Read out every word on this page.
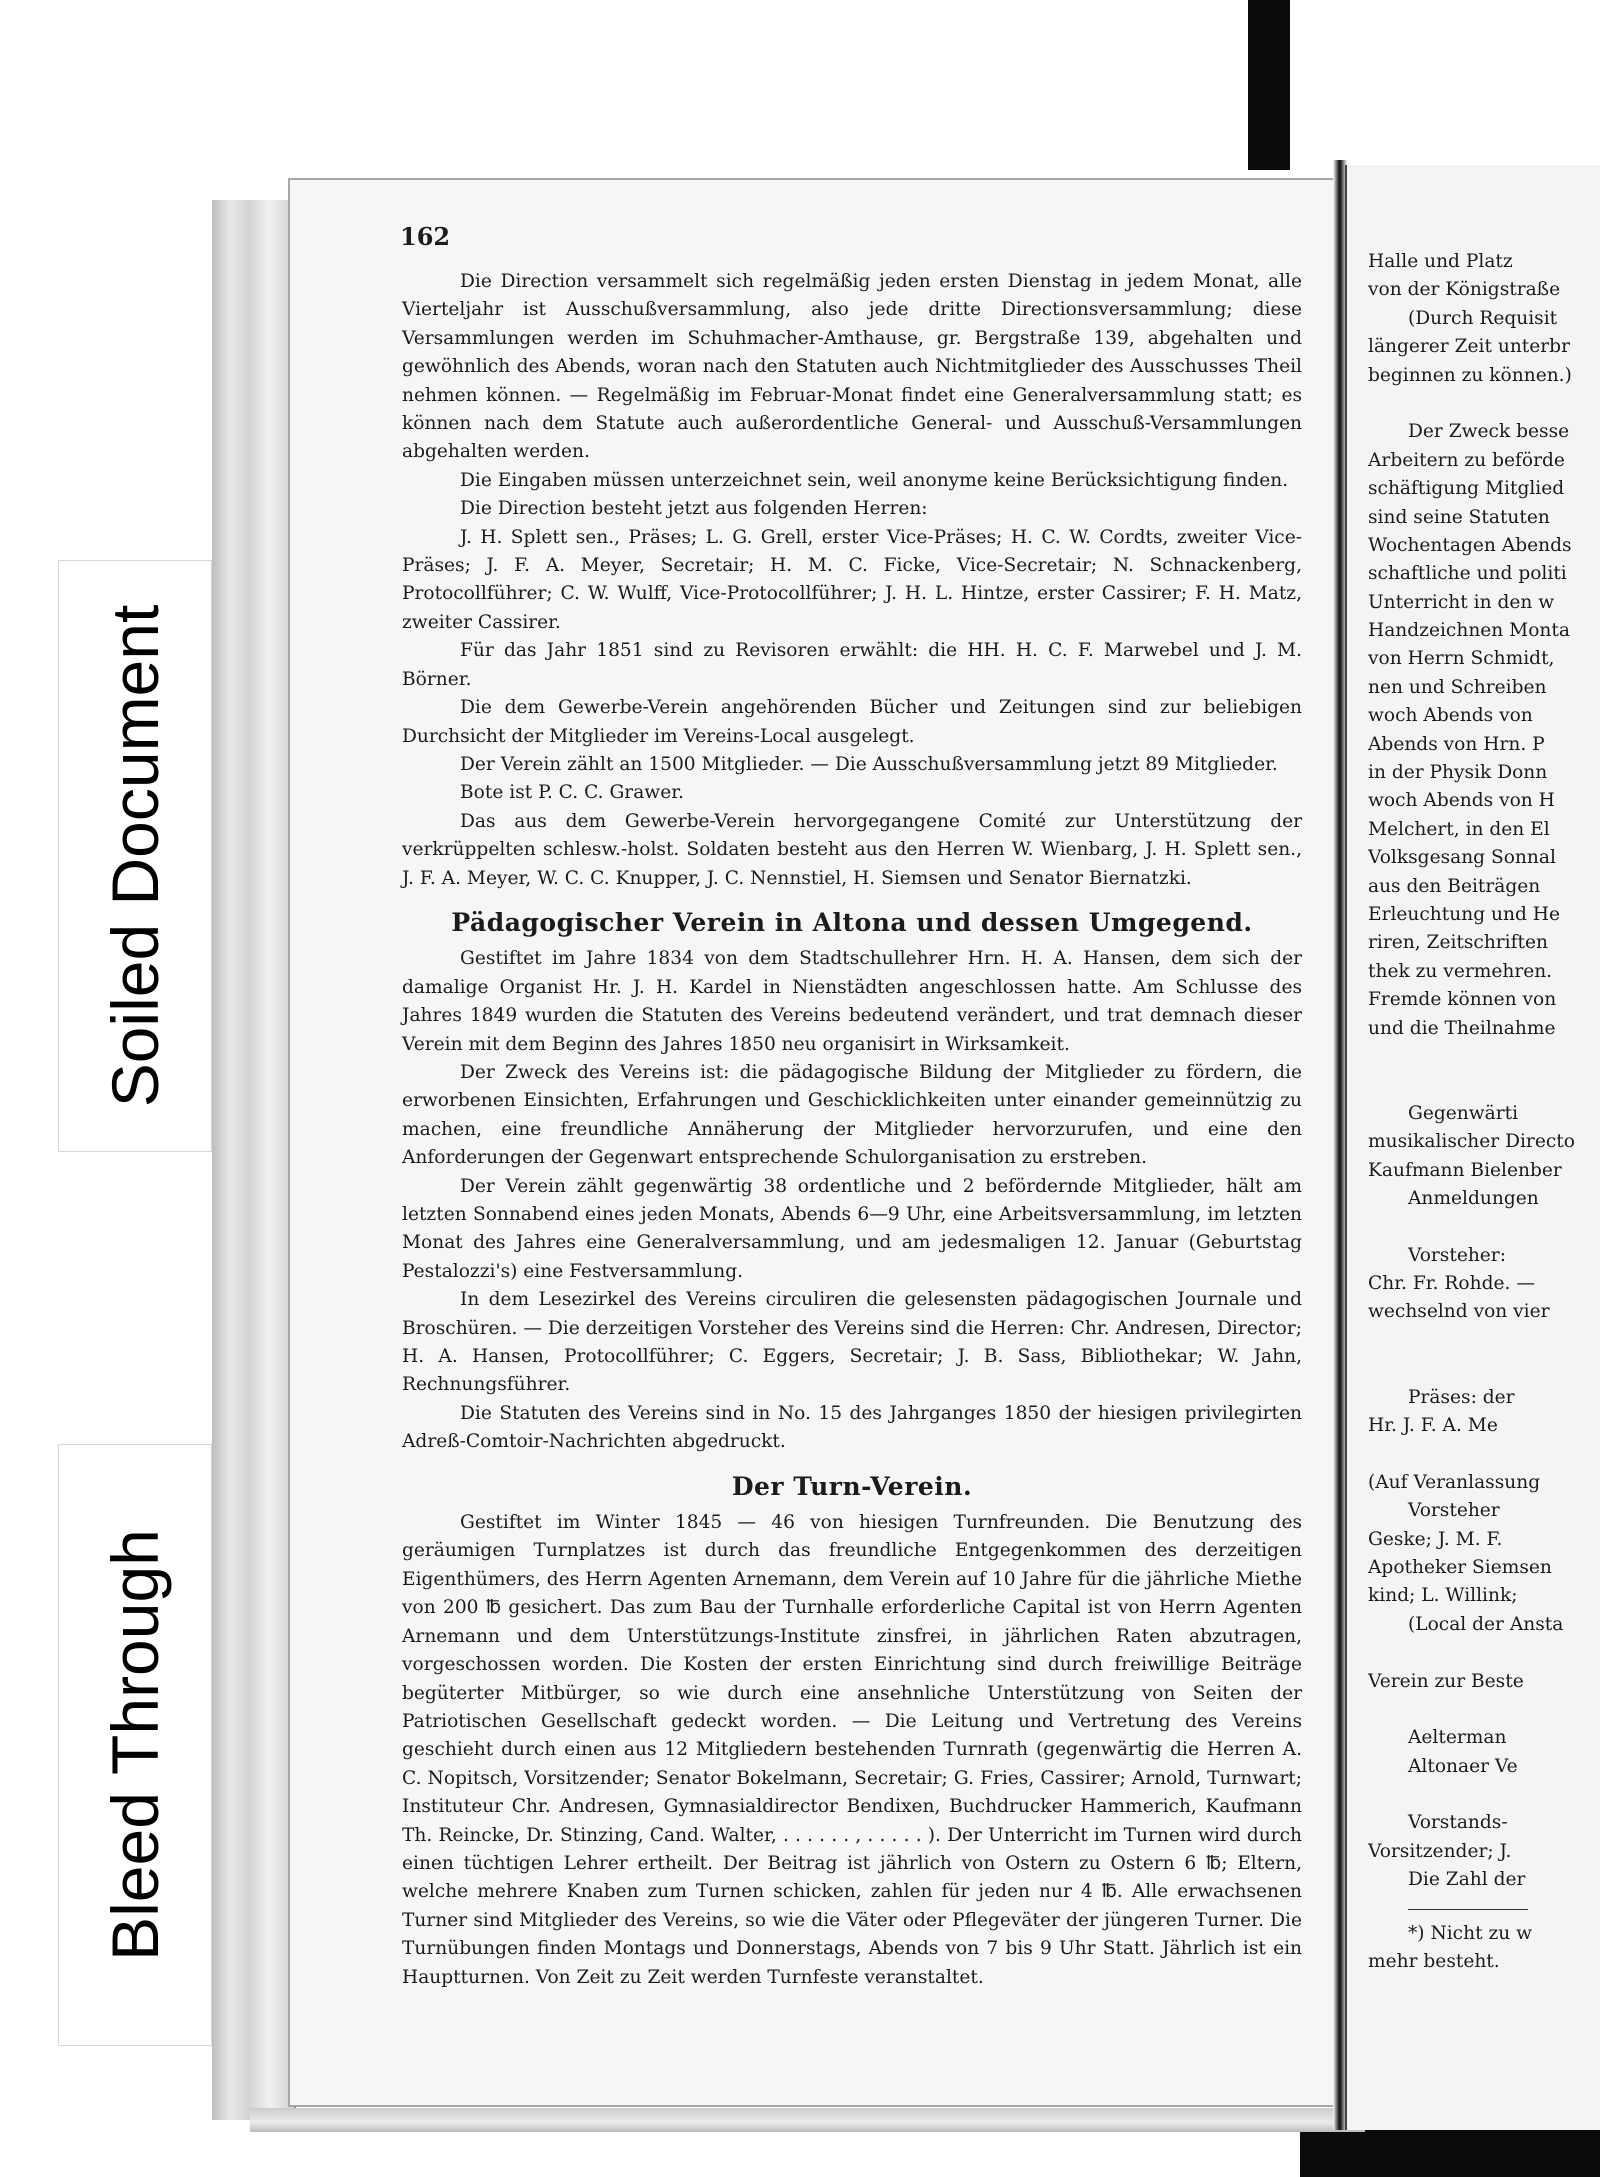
Soiled Document
Bleed Through
162

Die Direction versammelt sich regelmäßig jeden ersten Dienstag in jedem Monat, alle Vierteljahr ist Ausschußversammlung, also jede dritte Directionsversammlung; diese Versammlungen werden im Schuhmacher-Amthause, gr. Bergstraße 139, abgehalten und gewöhnlich des Abends, woran nach den Statuten auch Nichtmitglieder des Ausschusses Theil nehmen können. — Regelmäßig im Februar-Monat findet eine Generalversammlung statt; es können nach dem Statute auch außerordentliche General- und Ausschuß-Versammlungen abgehalten werden.

Die Eingaben müssen unterzeichnet sein, weil anonyme keine Berücksichtigung finden.

Die Direction besteht jetzt aus folgenden Herren:

J. H. Splett sen., Präses; L. G. Grell, erster Vice-Präses; H. C. W. Cordts, zweiter Vice-Präses; J. F. A. Meyer, Secretair; H. M. C. Ficke, Vice-Secretair; N. Schnackenberg, Protocollführer; C. W. Wulff, Vice-Protocollführer; J. H. L. Hintze, erster Cassirer; F. H. Matz, zweiter Cassirer.

Für das Jahr 1851 sind zu Revisoren erwählt: die HH. H. C. F. Marwebel und J. M. Börner.

Die dem Gewerbe-Verein angehörenden Bücher und Zeitungen sind zur beliebigen Durchsicht der Mitglieder im Vereins-Local ausgelegt.

Der Verein zählt an 1500 Mitglieder. — Die Ausschußversammlung jetzt 89 Mitglieder.

Bote ist P. C. C. Grawer.

Das aus dem Gewerbe-Verein hervorgegangene Comité zur Unterstützung der verkrüppelten schlesw.-holst. Soldaten besteht aus den Herren W. Wienbarg, J. H. Splett sen., J. F. A. Meyer, W. C. C. Knupper, J. C. Nennstiel, H. Siemsen und Senator Biernatzki.

Pädagogischer Verein in Altona und dessen Umgegend.

Gestiftet im Jahre 1834 von dem Stadtschullehrer Hrn. H. A. Hansen, dem sich der damalige Organist Hr. J. H. Kardel in Nienstädten angeschlossen hatte. Am Schlusse des Jahres 1849 wurden die Statuten des Vereins bedeutend verändert, und trat demnach dieser Verein mit dem Beginn des Jahres 1850 neu organisirt in Wirksamkeit.

Der Zweck des Vereins ist: die pädagogische Bildung der Mitglieder zu fördern, die erworbenen Einsichten, Erfahrungen und Geschicklichkeiten unter einander gemeinnützig zu machen, eine freundliche Annäherung der Mitglieder hervorzurufen, und eine den Anforderungen der Gegenwart entsprechende Schulorganisation zu erstreben.

Der Verein zählt gegenwärtig 38 ordentliche und 2 befördernde Mitglieder, hält am letzten Sonnabend eines jeden Monats, Abends 6—9 Uhr, eine Arbeitsversammlung, im letzten Monat des Jahres eine Generalversammlung, und am jedesmaligen 12. Januar (Geburtstag Pestalozzi's) eine Festversammlung.

In dem Lesezirkel des Vereins circuliren die gelesensten pädagogischen Journale und Broschüren. — Die derzeitigen Vorsteher des Vereins sind die Herren: Chr. Andresen, Director; H. A. Hansen, Protocollführer; C. Eggers, Secretair; J. B. Sass, Bibliothekar; W. Jahn, Rechnungsführer.

Die Statuten des Vereins sind in No. 15 des Jahrganges 1850 der hiesigen privilegirten Adreß-Comtoir-Nachrichten abgedruckt.

Der Turn-Verein.

Gestiftet im Winter 1845 — 46 von hiesigen Turnfreunden. Die Benutzung des geräumigen Turnplatzes ist durch das freundliche Entgegenkommen des derzeitigen Eigenthümers, des Herrn Agenten Arnemann, dem Verein auf 10 Jahre für die jährliche Miethe von 200 ℔ gesichert. Das zum Bau der Turnhalle erforderliche Capital ist von Herrn Agenten Arnemann und dem Unterstützungs-Institute zinsfrei, in jährlichen Raten abzutragen, vorgeschossen worden. Die Kosten der ersten Einrichtung sind durch freiwillige Beiträge begüterter Mitbürger, so wie durch eine ansehnliche Unterstützung von Seiten der Patriotischen Gesellschaft gedeckt worden. — Die Leitung und Vertretung des Vereins geschieht durch einen aus 12 Mitgliedern bestehenden Turnrath (gegenwärtig die Herren A. C. Nopitsch, Vorsitzender; Senator Bokelmann, Secretair; G. Fries, Cassirer; Arnold, Turnwart; Instituteur Chr. Andresen, Gymnasialdirector Bendixen, Buchdrucker Hammerich, Kaufmann Th. Reincke, Dr. Stinzing, Cand. Walter, . . . . . . , . . . . . ). Der Unterricht im Turnen wird durch einen tüchtigen Lehrer ertheilt. Der Beitrag ist jährlich von Ostern zu Ostern 6 ℔; Eltern, welche mehrere Knaben zum Turnen schicken, zahlen für jeden nur 4 ℔. Alle erwachsenen Turner sind Mitglieder des Vereins, so wie die Väter oder Pflegeväter der jüngeren Turner. Die Turnübungen finden Montags und Donnerstags, Abends von 7 bis 9 Uhr Statt. Jährlich ist ein Hauptturnen. Von Zeit zu Zeit werden Turnfeste veranstaltet.

Halle und Platz
von der Königstraße
(Durch Requisit
längerer Zeit unterbr
beginnen zu können.)
Der Zweck besse
Arbeitern zu beförde
schäftigung Mitglied
sind seine Statuten
Wochentagen Abends
schaftliche und politi
Unterricht in den w
Handzeichnen Monta
von Herrn Schmidt,
nen und Schreiben
woch Abends von
Abends von Hrn. P
in der Physik Donn
woch Abends von H
Melchert, in den El
Volksgesang Sonnal
aus den Beiträgen
Erleuchtung und He
riren, Zeitschriften
thek zu vermehren.
Fremde können von
und die Theilnahme
Gegenwärti
musikalischer Directo
Kaufmann Bielenber
Anmeldungen
Vorsteher:
Chr. Fr. Rohde. —
wechselnd von vier
Präses: der
Hr. J. F. A. Me
(Auf Veranlassung
Vorsteher
Geske; J. M. F.
Apotheker Siemsen
kind; L. Willink;
(Local der Ansta
Verein zur Beste
Aelterman
Altonaer Ve
Vorstands-
Vorsitzender; J.
Die Zahl der
*) Nicht zu w
mehr besteht.
